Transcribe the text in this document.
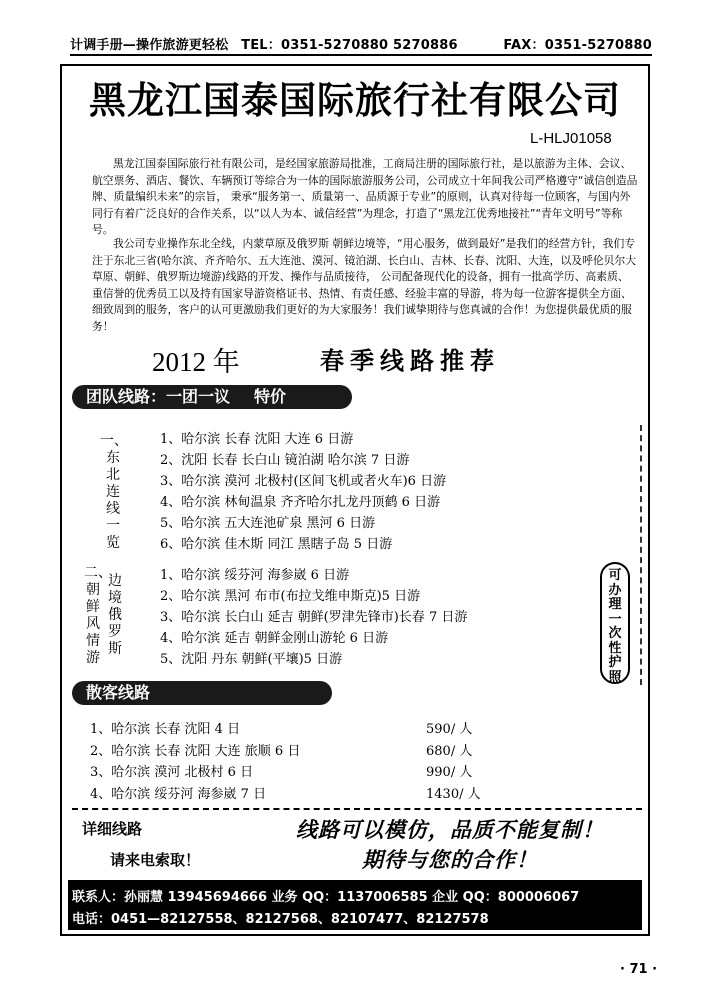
计调手册—操作旅游更轻松 TEL：0351-5270880 5270886	FAX：0351-5270880
黑龙江国泰国际旅行社有限公司
L-HLJ01058
黑龙江国泰国际旅行社有限公司，是经国家旅游局批准，工商局注册的国际旅行社，是以旅游为主体、会议、航空票务、酒店、餐饮、车辆预订等综合为一体的国际旅游服务公司，公司成立十年间我公司严格遵守“诚信创造品牌、质量编织未来”的宗旨， 秉承“服务第一、质量第一、品质源于专业”的原则，认真对待每一位顾客，与国内外同行有着广泛良好的合作关系，以“以人为本、诚信经营”为理念，打造了“黑龙江优秀地接社”“青年文明号”等称号。
我公司专业操作东北全线，内蒙草原及俄罗斯 朝鲜边境等，“用心服务，做到最好”是我们的经营方针，我们专注于东北三省(哈尔滨、齐齐哈尔、五大连池、漠河、镜泊湖、长白山、吉林、长春、沈阳、大连，以及呼伦贝尔大草原、朝鲜、俄罗斯边境游)线路的开发、操作与品质接待， 公司配备现代化的设备，拥有一批高学历、高素质、重信誉的优秀员工以及持有国家导游资格证书、热情、有责任感、经验丰富的导游，将为每一位游客提供全方面、细致周到的服务，客户的认可更激励我们更好的为大家服务！我们诚挚期待与您真诚的合作！为您提供最优质的服务！
2012 年	春季线路推荐
团队线路：一团一议 特价
一、
东
北
连
线
一
览
1、哈尔滨 长春 沈阳 大连 6 日游
2、沈阳 长春 长白山 镜泊湖 哈尔滨 7 日游
3、哈尔滨 漠河 北极村(区间飞机或者火车)6 日游
4、哈尔滨 林甸温泉 齐齐哈尔扎龙丹顶鹤 6 日游
5、哈尔滨 五大连池矿泉 黑河 6 日游
6、哈尔滨 佳木斯 同江 黑瞎子岛 5 日游
二、
朝
鲜
风
情
游
边
境
俄
罗
斯
1、哈尔滨 绥芬河 海参崴 6 日游
2、哈尔滨 黑河 布市(布拉戈维申斯克)5 日游
3、哈尔滨 长白山 延吉 朝鲜(罗津先锋市)长春 7 日游
4、哈尔滨 延吉 朝鲜金刚山游轮 6 日游
5、沈阳 丹东 朝鲜(平壤)5 日游
可
办
理
一
次
性
护
照
散客线路
1、哈尔滨 长春 沈阳 4 日	590/ 人
2、哈尔滨 长春 沈阳 大连 旅顺 6 日	680/ 人
3、哈尔滨 漠河 北极村 6 日	990/ 人
4、哈尔滨 绥芬河 海参崴 7 日	1430/ 人
详细线路
请来电索取！
线路可以模仿，品质不能复制！
期待与您的合作！
联系人：孙丽慧 13945694666 业务 QQ：1137006585 企业 QQ：800006067
电话：0451—82127558、82127568、82107477、82127578
· 71 ·
